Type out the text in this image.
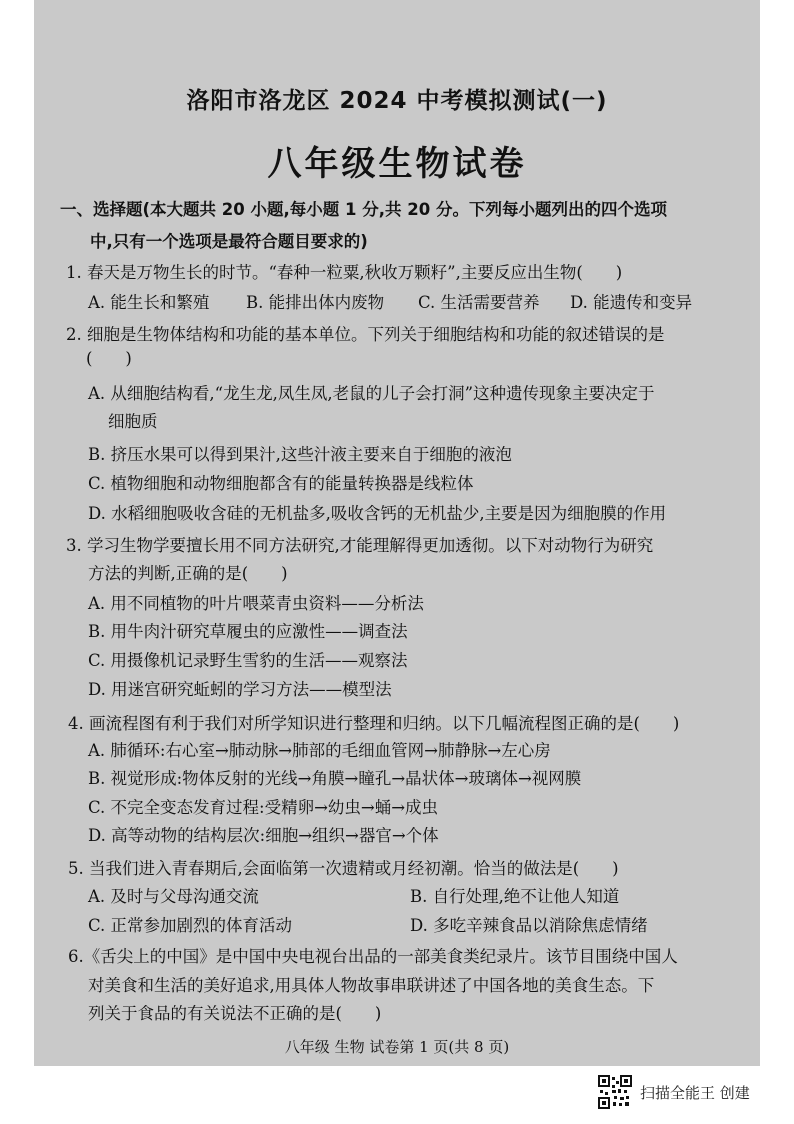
洛阳市洛龙区 2024 中考模拟测试(一)
八年级生物试卷
一、选择题(本大题共 20 小题,每小题 1 分,共 20 分。下列每小题列出的四个选项
中,只有一个选项是最符合题目要求的)
1. 春天是万物生长的时节。“春种一粒粟,秋收万颗籽”,主要反应出生物(　　)
A. 能生长和繁殖 B. 能排出体内废物 C. 生活需要营养 D. 能遗传和变异
2. 细胞是生物体结构和功能的基本单位。下列关于细胞结构和功能的叙述错误的是
(　　)
A. 从细胞结构看,“龙生龙,凤生凤,老鼠的儿子会打洞”这种遗传现象主要决定于
细胞质
B. 挤压水果可以得到果汁,这些汁液主要来自于细胞的液泡
C. 植物细胞和动物细胞都含有的能量转换器是线粒体
D. 水稻细胞吸收含硅的无机盐多,吸收含钙的无机盐少,主要是因为细胞膜的作用
3. 学习生物学要擅长用不同方法研究,才能理解得更加透彻。以下对动物行为研究
方法的判断,正确的是(　　)
A. 用不同植物的叶片喂菜青虫资料——分析法
B. 用牛肉汁研究草履虫的应激性——调查法
C. 用摄像机记录野生雪豹的生活——观察法
D. 用迷宫研究蚯蚓的学习方法——模型法
4. 画流程图有利于我们对所学知识进行整理和归纳。以下几幅流程图正确的是(　　)
A. 肺循环:右心室→肺动脉→肺部的毛细血管网→肺静脉→左心房
B. 视觉形成:物体反射的光线→角膜→瞳孔→晶状体→玻璃体→视网膜
C. 不完全变态发育过程:受精卵→幼虫→蛹→成虫
D. 高等动物的结构层次:细胞→组织→器官→个体
5. 当我们进入青春期后,会面临第一次遗精或月经初潮。恰当的做法是(　　)
A. 及时与父母沟通交流	B. 自行处理,绝不让他人知道
C. 正常参加剧烈的体育活动	D. 多吃辛辣食品以消除焦虑情绪
6.《舌尖上的中国》是中国中央电视台出品的一部美食类纪录片。该节目围绕中国人
对美食和生活的美好追求,用具体人物故事串联讲述了中国各地的美食生态。下
列关于食品的有关说法不正确的是(　　)
八年级 生物 试卷第 1 页(共 8 页)
扫描全能王 创建
